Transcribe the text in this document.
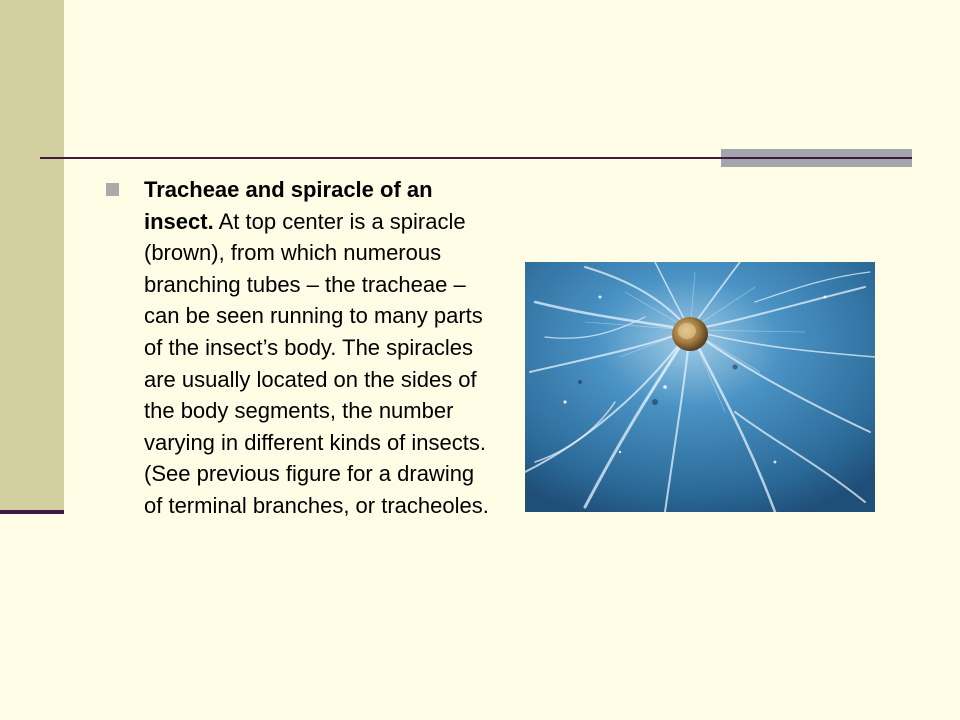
Tracheae and spiracle of an insect. At top center is a spiracle (brown), from which numerous branching tubes – the tracheae – can be seen running to many parts of the insect’s body. The spiracles are usually located on the sides of the body segments, the number varying in different kinds of insects. (See previous figure for a drawing of terminal branches, or tracheoles.
